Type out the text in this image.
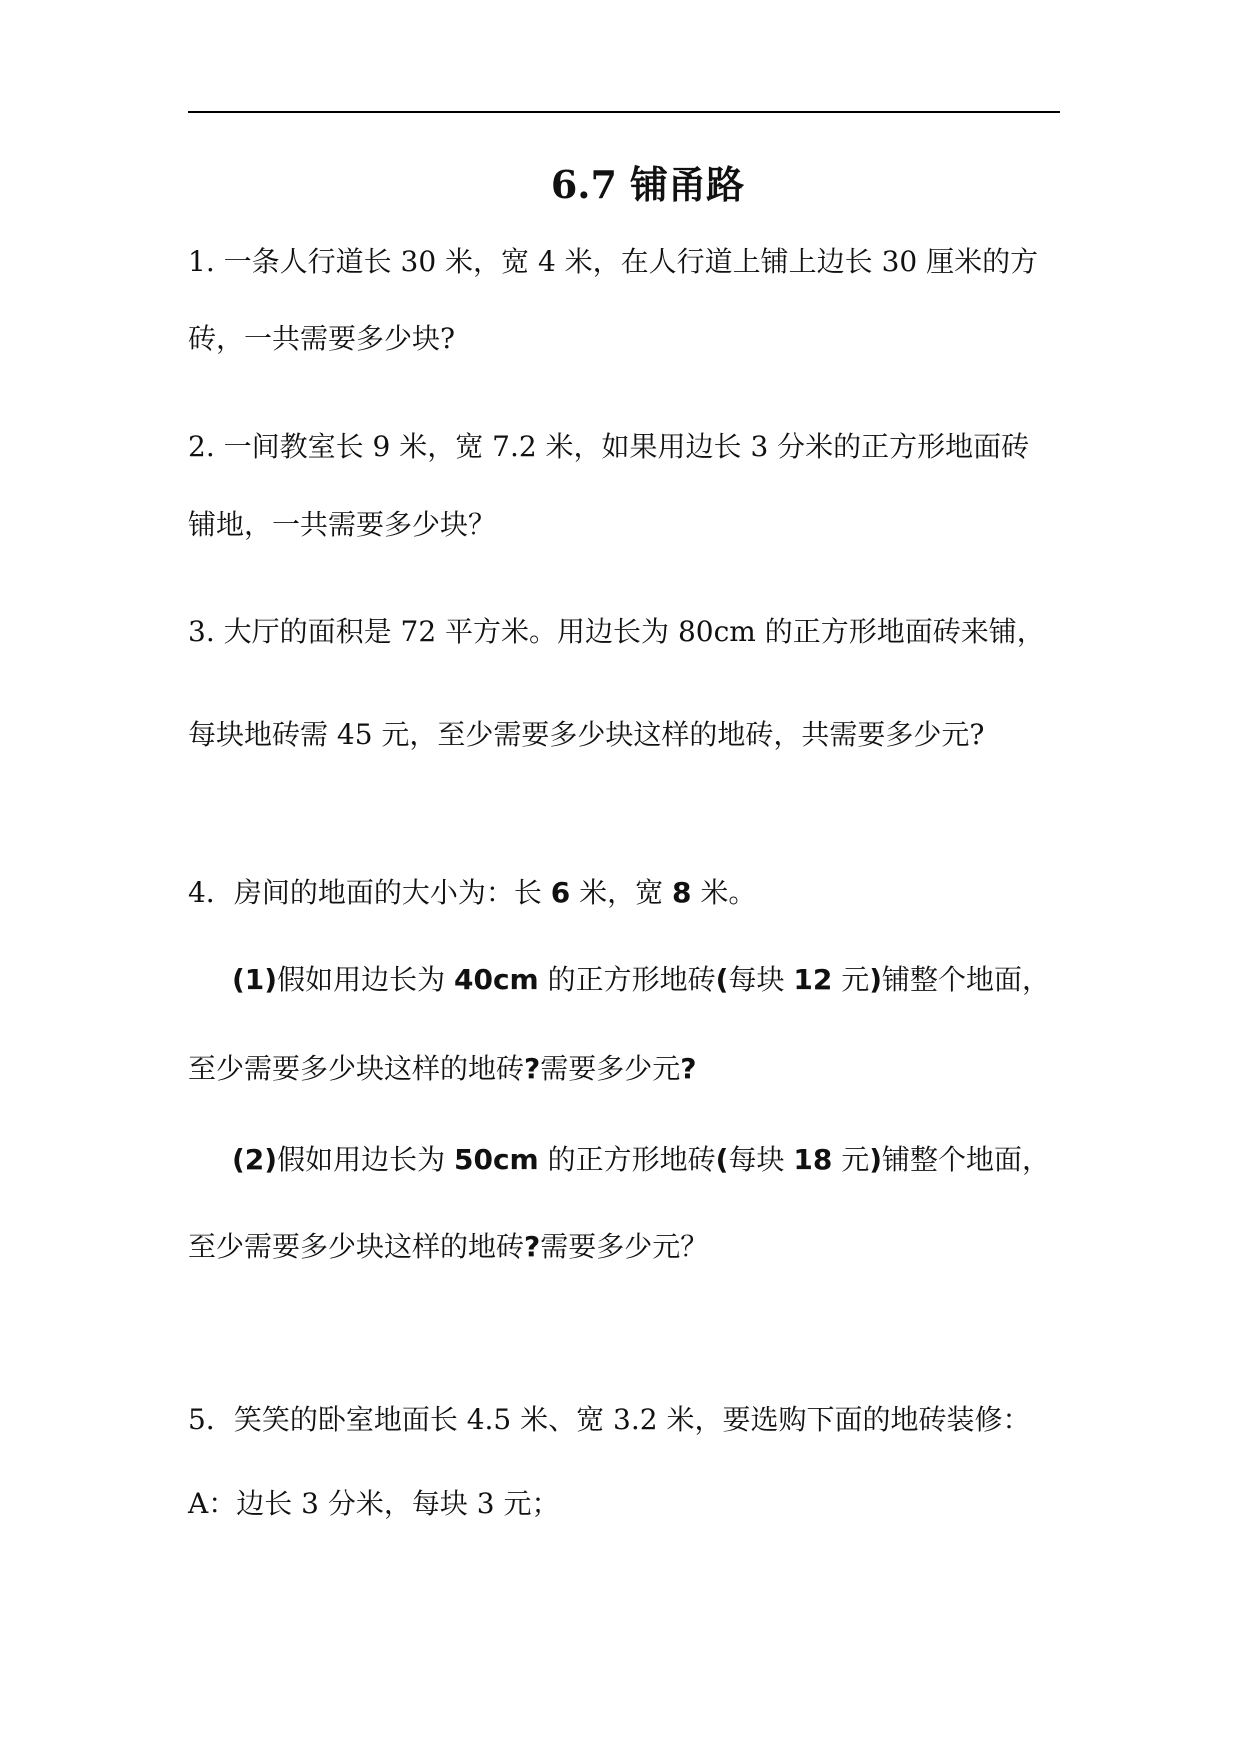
6.7 铺甬路
1. 一条人行道长 30 米，宽 4 米，在人行道上铺上边长 30 厘米的方
砖，一共需要多少块?
2. 一间教室长 9 米，宽 7.2 米，如果用边长 3 分米的正方形地面砖
铺地，一共需要多少块？
3. 大厅的面积是 72 平方米。用边长为 80cm 的正方形地面砖来铺，
每块地砖需 45 元，至少需要多少块这样的地砖，共需要多少元?
4．房间的地面的大小为：长 6 米，宽 8 米。
(1)假如用边长为 40cm 的正方形地砖(每块 12 元)铺整个地面，
至少需要多少块这样的地砖?需要多少元?
(2)假如用边长为 50cm 的正方形地砖(每块 18 元)铺整个地面，
至少需要多少块这样的地砖?需要多少元？
5．笑笑的卧室地面长 4.5 米、宽 3.2 米，要选购下面的地砖装修：
A：边长 3 分米，每块 3 元；
